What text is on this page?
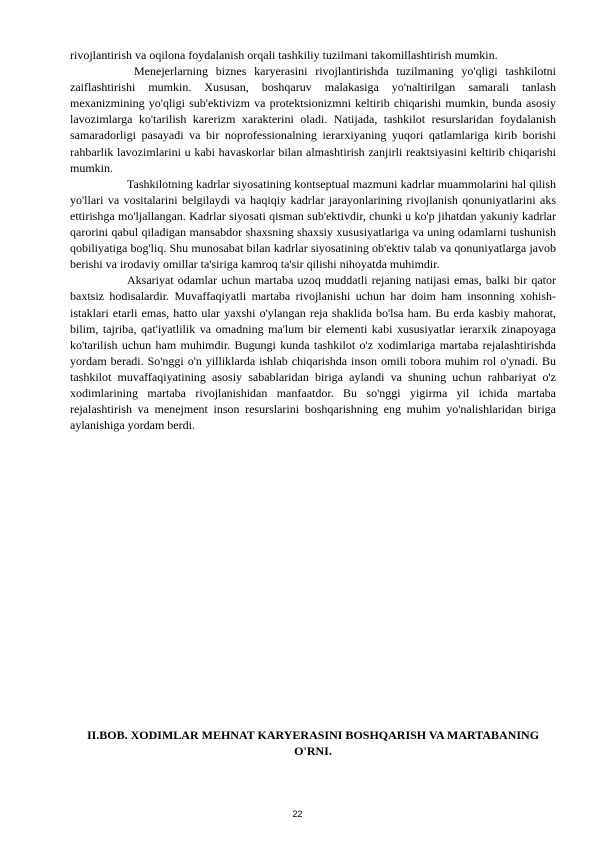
rivojlantirish va oqilona foydalanish orqali tashkiliy tuzilmani takomillashtirish mumkin.

Menejerlarning biznes karyerasini rivojlantirishda tuzilmaning yo'qligi tashkilotni zaiflashtirishi mumkin. Xususan, boshqaruv malakasiga yo'naltirilgan samarali tanlash mexanizmining yo'qligi sub'ektivizm va protektsionizmni keltirib chiqarishi mumkin, bunda asosiy lavozimlarga ko'tarilish karerizm xarakterini oladi. Natijada, tashkilot resurslaridan foydalanish samaradorligi pasayadi va bir noprofessionalning ierarxiyaning yuqori qatlamlariga kirib borishi rahbarlik lavozimlarini u kabi havaskorlar bilan almashtirish zanjirli reaktsiyasini keltirib chiqarishi mumkin.

Tashkilotning kadrlar siyosatining kontseptual mazmuni kadrlar muammolarini hal qilish yo'llari va vositalarini belgilaydi va haqiqiy kadrlar jarayonlarining rivojlanish qonuniyatlarini aks ettirishga mo'ljallangan. Kadrlar siyosati qisman sub'ektivdir, chunki u ko'p jihatdan yakuniy kadrlar qarorini qabul qiladigan mansabdor shaxsning shaxsiy xususiyatlariga va uning odamlarni tushunish qobiliyatiga bog'liq. Shu munosabat bilan kadrlar siyosatining ob'ektiv talab va qonuniyatlarga javob berishi va irodaviy omillar ta'siriga kamroq ta'sir qilishi nihoyatda muhimdir.

Aksariyat odamlar uchun martaba uzoq muddatli rejaning natijasi emas, balki bir qator baxtsiz hodisalardir. Muvaffaqiyatli martaba rivojlanishi uchun har doim ham insonning xohish-istaklari etarli emas, hatto ular yaxshi o'ylangan reja shaklida bo'lsa ham. Bu erda kasbiy mahorat, bilim, tajriba, qat'iyatlilik va omadning ma'lum bir elementi kabi xususiyatlar ierarxik zinapoyaga ko'tarilish uchun ham muhimdir. Bugungi kunda tashkilot o'z xodimlariga martaba rejalashtirishda yordam beradi. So'nggi o'n yilliklarda ishlab chiqarishda inson omili tobora muhim rol o'ynadi. Bu tashkilot muvaffaqiyatining asosiy sabablaridan biriga aylandi va shuning uchun rahbariyat o'z xodimlarining martaba rivojlanishidan manfaatdor. Bu so'nggi yigirma yil ichida martaba rejalashtirish va menejment inson resurslarini boshqarishning eng muhim yo'nalishlaridan biriga aylanishiga yordam berdi.

II.BOB. XODIMLAR MEHNAT KARYERASINI BOSHQARISH VA MARTABANING O'RNI.
22
